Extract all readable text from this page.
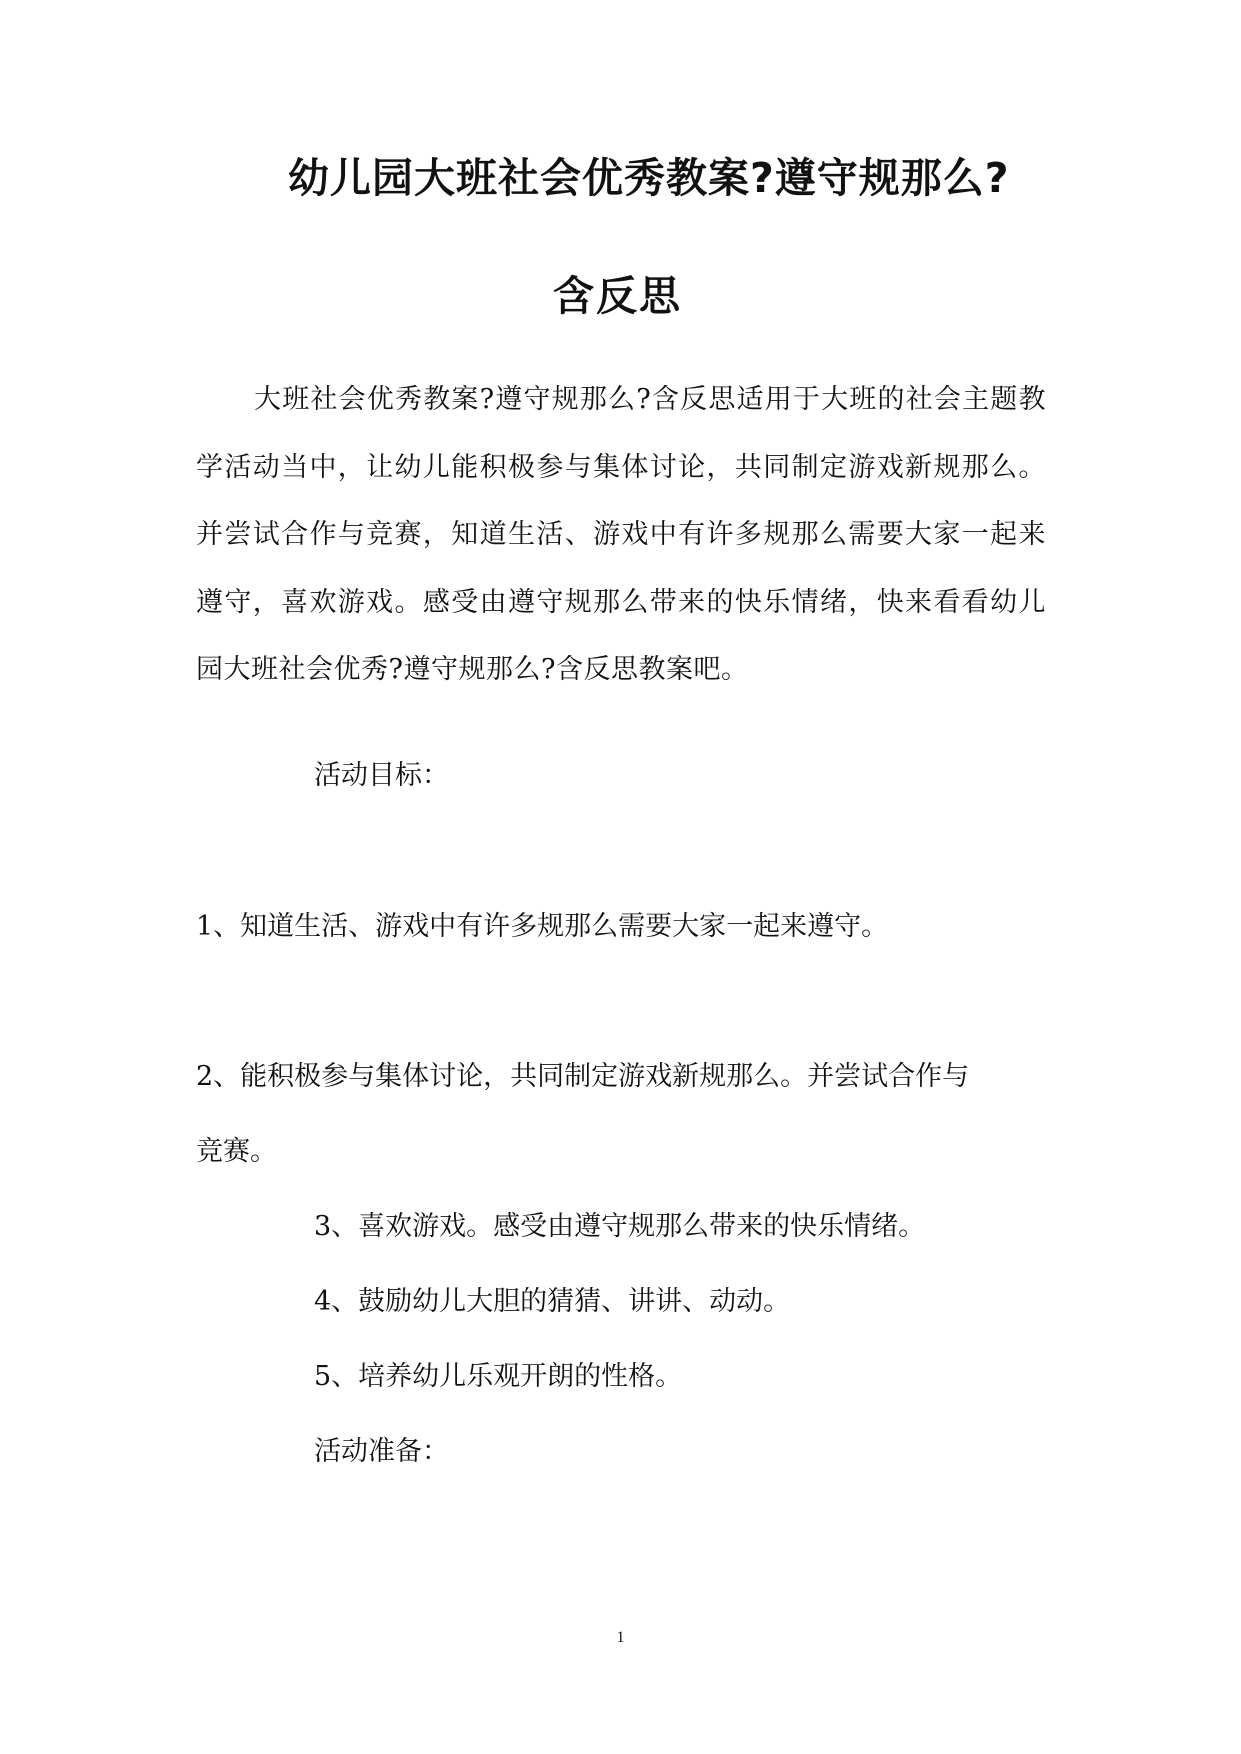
幼儿园大班社会优秀教案?遵守规那么?
含反思

大班社会优秀教案?遵守规那么?含反思适用于大班的社会主题教学活动当中，让幼儿能积极参与集体讨论，共同制定游戏新规那么。并尝试合作与竞赛，知道生活、游戏中有许多规那么需要大家一起来遵守，喜欢游戏。感受由遵守规那么带来的快乐情绪，快来看看幼儿园大班社会优秀?遵守规那么?含反思教案吧。

活动目标：
1、知道生活、游戏中有许多规那么需要大家一起来遵守。
2、能积极参与集体讨论，共同制定游戏新规那么。并尝试合作与
竞赛。
3、喜欢游戏。感受由遵守规那么带来的快乐情绪。
4、鼓励幼儿大胆的猜猜、讲讲、动动。
5、培养幼儿乐观开朗的性格。
活动准备：
1
